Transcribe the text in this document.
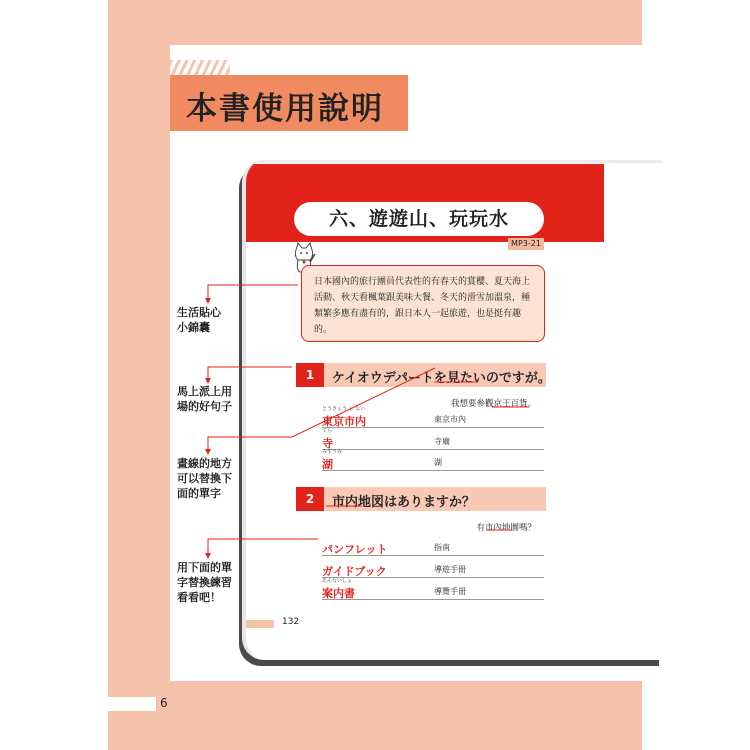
本書使用說明
6
六、遊遊山、玩玩水
MP3-21
日本國內的旅行團員代表性的有春天的賞櫻、夏天海上活動、秋天看楓葉跟美味大餐、冬天的滑雪加溫泉，種類繁多應有盡有的，跟日本人一起旅遊，也是挺有趣的。
1	ケイオウデパートを見たいのですが。
我想要參觀京王百貨。
とうきょう し ない
東京市内	東京市內
てら
寺	寺廟
みずうみ
湖	湖
2	市内地図はありますか？
有市內地圖嗎？
パンフレット	指南
ガイドブック	導遊手冊
あんないしょ
案内書	導覽手冊
132
生活貼心
小錦囊
馬上派上用
場的好句子
畫線的地方
可以替換下
面的單字
用下面的單
字替換練習
看看吧！
